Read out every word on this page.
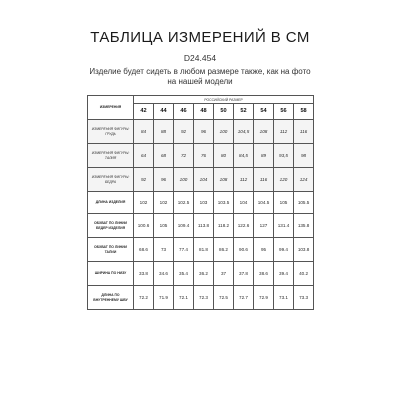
ТАБЛИЦА ИЗМЕРЕНИЙ В СМ
D24.454
Изделие будет сидеть в любом размере также, как на фото на нашей модели
ИЗМЕРЕНИЯ	РОССИЙСКИЙ РАЗМЕР								
	42	44	46	48	50	52	54	56	58
ИЗМЕРЕНИЯ ФИГУРЫ: ГРУДЬ	84	88	92	96	100	104,5	108	112	116
ИЗМЕРЕНИЯ ФИГУРЫ: ТАЛИЯ	64	68	72	76	80	84,5	89	93,5	98
ИЗМЕРЕНИЯ ФИГУРЫ: БЕДРА	92	96	100	104	108	112	116	120	124
ДЛИНА ИЗДЕЛИЯ	102	102	102.5	103	103.5	104	104.5	105	105.5
ОБХВАТ ПО ЛИНИИ БЕДЕР ИЗДЕЛИЯ	100.6	105	109.4	113.8	118.2	122.6	127	131.4	135.8
ОБХВАТ ПО ЛИНИИ ТАЛИИ	68.6	73	77.4	81.8	86.2	90.6	95	99.4	103.8
ШИРИНА ПО НИЗУ	33.8	34.6	35.4	36.2	37	37.8	38.6	39.4	40.2
ДЛИНА ПО ВНУТРЕННЕМУ ШВУ	72.2	71.9	72.1	72.3	72.5	72.7	72.9	73.1	73.3
